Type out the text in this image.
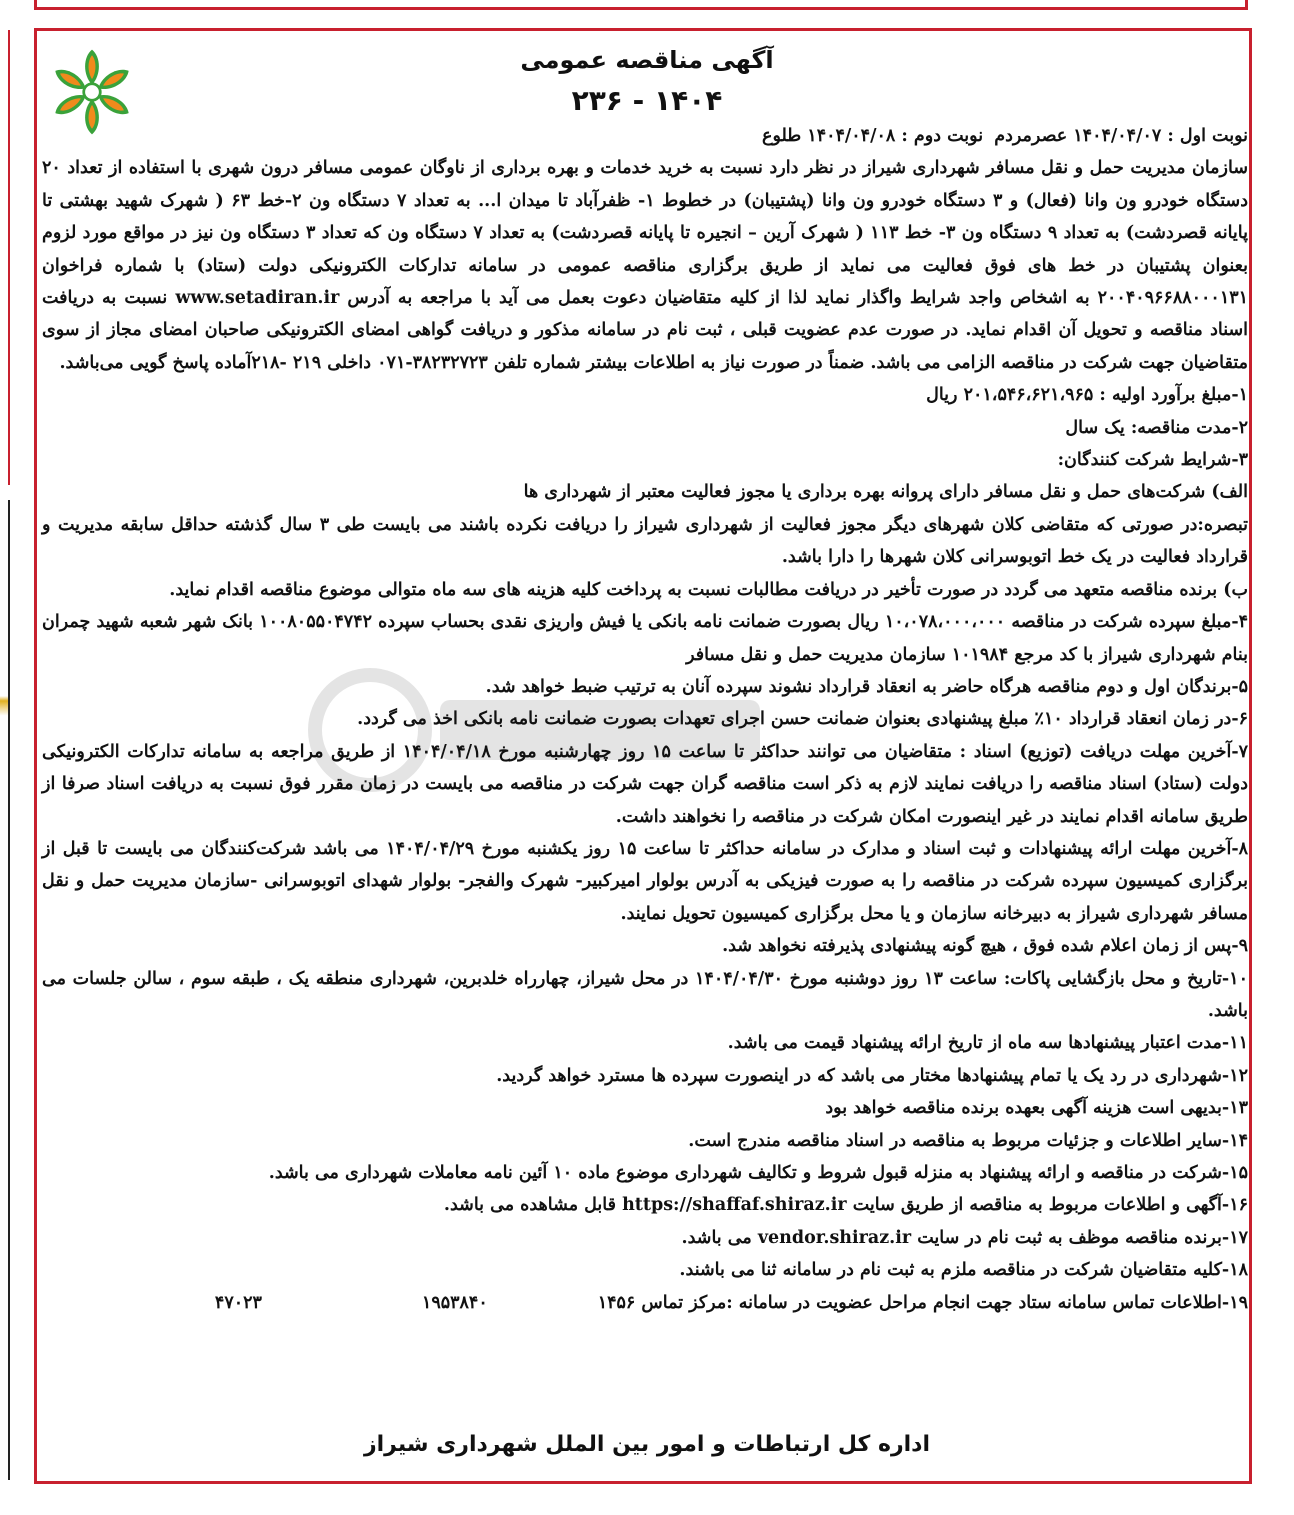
آگهی مناقصه عمومی
۱۴۰۴ - ۲۳۶
نوبت اول : ۱۴۰۴/۰۴/۰۷ عصرمردم
نوبت دوم : ۱۴۰۴/۰۴/۰۸ طلوع

سازمان مدیریت حمل و نقل مسافر شهرداری شیراز در نظر دارد نسبت به خرید خدمات و بهره برداری از ناوگان عمومی مسافر درون شهری با استفاده از تعداد ۲۰ دستگاه خودرو ون وانا (فعال) و ۳ دستگاه خودرو ون وانا (پشتیبان) در خطوط ۱- ظفرآباد تا میدان ا... به تعداد ۷ دستگاه ون ۲-خط ۶۳ ( شهرک شهید بهشتی تا پایانه قصردشت) به تعداد ۹ دستگاه ون ۳- خط ۱۱۳ ( شهرک آرین – انجیره تا پایانه قصردشت) به تعداد ۷ دستگاه ون که تعداد ۳ دستگاه ون نیز در مواقع مورد لزوم بعنوان پشتیبان در خط های فوق فعالیت می نماید از طریق برگزاری مناقصه عمومی در سامانه تدارکات الکترونیکی دولت (ستاد) با شماره فراخوان ۲۰۰۴۰۹۶۶۸۸۰۰۰۱۳۱ به اشخاص واجد شرایط واگذار نماید لذا از کلیه متقاضیان دعوت بعمل می آید با مراجعه به آدرس www.setadiran.ir نسبت به دریافت اسناد مناقصه و تحویل آن اقدام نماید. در صورت عدم عضویت قبلی ، ثبت نام در سامانه مذکور و دریافت گواهی امضای الکترونیکی صاحبان امضای مجاز از سوی متقاضیان جهت شرکت در مناقصه الزامی می باشد. ضمناً در صورت نیاز به اطلاعات بیشتر شماره تلفن ۳۸۲۳۲۷۲۳-۰۷۱ داخلی ۲۱۹ -۲۱۸آماده پاسخ گویی می‌باشد.

۱-مبلغ برآورد اولیه : ۲۰۱،۵۴۶،۶۲۱،۹۶۵ ریال

۲-مدت مناقصه: یک سال

۳-شرایط شرکت کنندگان:

الف) شرکت‌های حمل و نقل مسافر دارای پروانه بهره برداری یا مجوز فعالیت معتبر از شهرداری ها

تبصره:در صورتی که متقاضی کلان شهرهای دیگر مجوز فعالیت از شهرداری شیراز را دریافت نکرده باشند می بایست طی ۳ سال گذشته حداقل سابقه مدیریت و قرارداد فعالیت در یک خط اتوبوسرانی کلان شهرها را دارا باشد.

ب) برنده مناقصه متعهد می گردد در صورت تأخیر در دریافت مطالبات نسبت به پرداخت کلیه هزینه های سه ماه متوالی موضوع مناقصه اقدام نماید.

۴-مبلغ سپرده شرکت در مناقصه ۱۰،۰۷۸،۰۰۰،۰۰۰ ریال بصورت ضمانت نامه بانکی یا فیش واریزی نقدی بحساب سپرده ۱۰۰۸۰۵۵۰۴۷۴۲ بانک شهر شعبه شهید چمران بنام شهرداری شیراز با کد مرجع ۱۰۱۹۸۴ سازمان مدیریت حمل و نقل مسافر

۵-برندگان اول و دوم مناقصه هرگاه حاضر به انعقاد قرارداد نشوند سپرده آنان به ترتیب ضبط خواهد شد.

۶-در زمان انعقاد قرارداد ۱۰٪ مبلغ پیشنهادی بعنوان ضمانت حسن اجرای تعهدات بصورت ضمانت نامه بانکی اخذ می گردد.

۷-آخرین مهلت دریافت (توزیع) اسناد : متقاضیان می توانند حداکثر تا ساعت ۱۵ روز چهارشنبه مورخ ۱۴۰۴/۰۴/۱۸ از طریق مراجعه به سامانه تدارکات الکترونیکی دولت (ستاد) اسناد مناقصه را دریافت نمایند لازم به ذکر است مناقصه گران جهت شرکت در مناقصه می بایست در زمان مقرر فوق نسبت به دریافت اسناد صرفا از طریق سامانه اقدام نمایند در غیر اینصورت امکان شرکت در مناقصه را نخواهند داشت.

۸-آخرین مهلت ارائه پیشنهادات و ثبت اسناد و مدارک در سامانه حداکثر تا ساعت ۱۵ روز یکشنبه مورخ ۱۴۰۴/۰۴/۲۹ می باشد شرکت‌کنندگان می بایست تا قبل از برگزاری کمیسیون سپرده شرکت در مناقصه را به صورت فیزیکی به آدرس بولوار امیرکبیر- شهرک والفجر- بولوار شهدای اتوبوسرانی -سازمان مدیریت حمل و نقل مسافر شهرداری شیراز به دبیرخانه سازمان و یا محل برگزاری کمیسیون تحویل نمایند.

۹-پس از زمان اعلام شده فوق ، هیچ گونه پیشنهادی پذیرفته نخواهد شد.

۱۰-تاریخ و محل بازگشایی پاکات: ساعت ۱۳ روز دوشنبه مورخ ۱۴۰۴/۰۴/۳۰ در محل شیراز، چهارراه خلدبرین، شهرداری منطقه یک ، طبقه سوم ، سالن جلسات می باشد.

۱۱-مدت اعتبار پیشنهادها سه ماه از تاریخ ارائه پیشنهاد قیمت می باشد.

۱۲-شهرداری در رد یک یا تمام پیشنهادها مختار می باشد که در اینصورت سپرده ها مسترد خواهد گردید.

۱۳-بدیهی است هزینه آگهی بعهده برنده مناقصه خواهد بود

۱۴-سایر اطلاعات و جزئیات مربوط به مناقصه در اسناد مناقصه مندرج است.

۱۵-شرکت در مناقصه و ارائه پیشنهاد به منزله قبول شروط و تکالیف شهرداری موضوع ماده ۱۰ آئین نامه معاملات شهرداری می باشد.

۱۶-آگهی و اطلاعات مربوط به مناقصه از طریق سایت https://shaffaf.shiraz.ir قابل مشاهده می باشد.

۱۷-برنده مناقصه موظف به ثبت نام در سایت vendor.shiraz.ir می باشد.

۱۸-کلیه متقاضیان شرکت در مناقصه ملزم به ثبت نام در سامانه ثنا می باشند.

۱۹-اطلاعات تماس سامانه ستاد جهت انجام مراحل عضویت در سامانه :مرکز تماس ۱۴۵۶
۱۹۵۳۸۴۰
۴۷۰۲۳
اداره کل ارتباطات و امور بین الملل شهرداری شیراز
